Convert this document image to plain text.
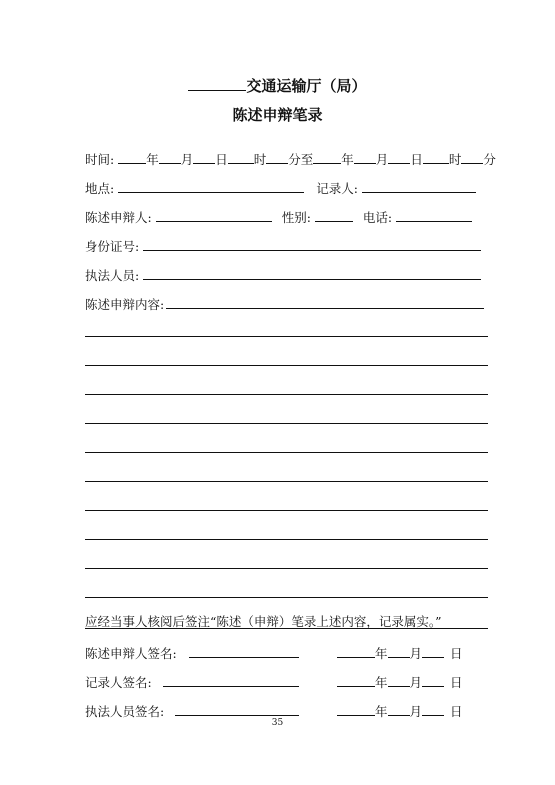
交通运输厅（局）
陈述申辩笔录
时间:	年 月 日 时 分至 年 月 日 时 分
地点:	记录人:
陈述申辩人:	性别:	电话:
身份证号:
执法人员:
陈述申辩内容:
应经当事人核阅后签注“陈述（申辩）笔录上述内容，记录属实。”
陈述申辩人签名:	年 月 日
记录人签名:	年 月 日
执法人员签名:	年 月 日
35
